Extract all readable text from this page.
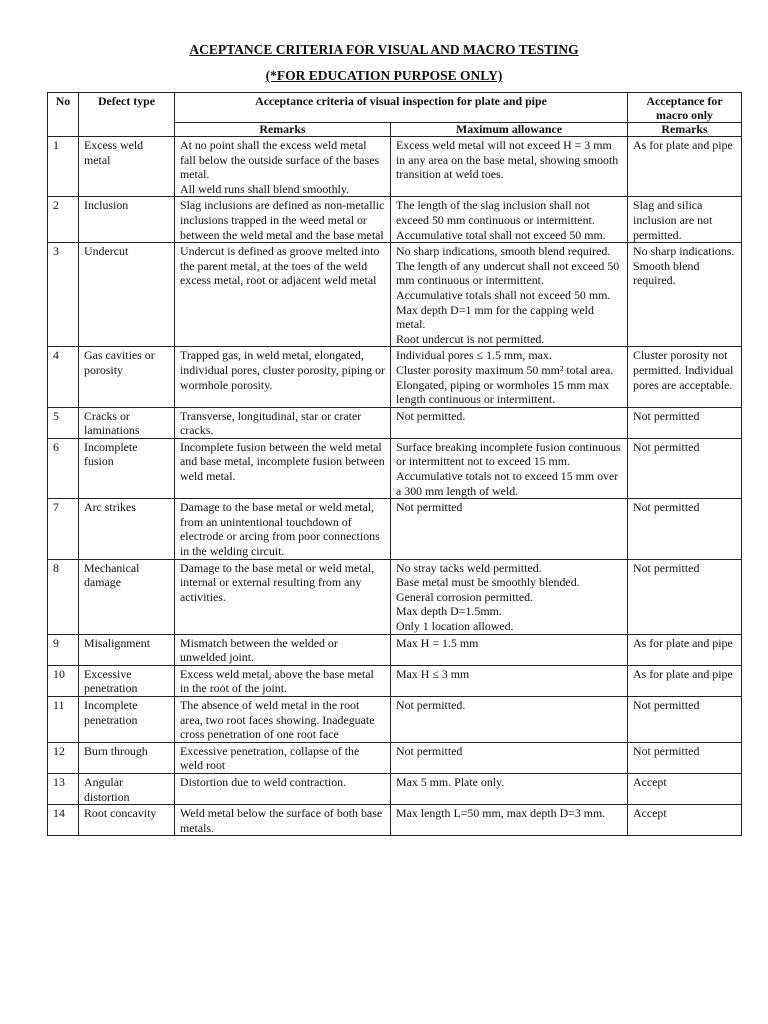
ACEPTANCE CRITERIA FOR VISUAL AND MACRO TESTING
(*FOR EDUCATION PURPOSE ONLY)
No	Defect type	Acceptance criteria of visual inspection for plate and pipe		Acceptance for macro only
		Remarks	Maximum allowance	Remarks
1	Excess weld metal	At no point shall the excess weld metal fall below the outside surface of the bases metal.
All weld runs shall blend smoothly.	Excess weld metal will not exceed H = 3 mm in any area on the base metal, showing smooth transition at weld toes.	As for plate and pipe
2	Inclusion	Slag inclusions are defined as non-metallic inclusions trapped in the weed metal or between the weld metal and the base metal	The length of the slag inclusion shall not exceed 50 mm continuous or intermittent.
Accumulative total shall not exceed 50 mm.	Slag and silica inclusion are not permitted.
3	Undercut	Undercut is defined as groove melted into the parent metal, at the toes of the weld excess metal, root or adjacent weld metal	No sharp indications, smooth blend required.
The length of any undercut shall not exceed 50 mm continuous or intermittent.
Accumulative totals shall not exceed 50 mm.
Max depth D=1 mm for the capping weld metal.
Root undercut is not permitted.	No sharp indications. Smooth blend required.
4	Gas cavities or porosity	Trapped gas, in weld metal, elongated, individual pores, cluster porosity, piping or wormhole porosity.	Individual pores ≤ 1.5 mm, max.
Cluster porosity maximum 50 mm² total area.
Elongated, piping or wormholes 15 mm max length continuous or intermittent.	Cluster porosity not permitted. Individual pores are acceptable.
5	Cracks or laminations	Transverse, longitudinal, star or crater cracks.	Not permitted.	Not permitted
6	Incomplete fusion	Incomplete fusion between the weld metal and base metal, incomplete fusion between weld metal.	Surface breaking incomplete fusion continuous or intermittent not to exceed 15 mm.
Accumulative totals not to exceed 15 mm over a 300 mm length of weld.	Not permitted
7	Arc strikes	Damage to the base metal or weld metal, from an unintentional touchdown of electrode or arcing from poor connections in the welding circuit.	Not permitted	Not permitted
8	Mechanical damage	Damage to the base metal or weld metal, internal or external resulting from any activities.	No stray tacks weld permitted.
Base metal must be smoothly blended.
General corrosion permitted.
Max depth D=1.5mm.
Only 1 location allowed.	Not permitted
9	Misalignment	Mismatch between the welded or unwelded joint.	Max H = 1.5 mm	As for plate and pipe
10	Excessive penetration	Excess weld metal, above the base metal in the root of the joint.	Max H ≤ 3 mm	As for plate and pipe
11	Incomplete penetration	The absence of weld metal in the root area, two root faces showing. Inadeguate cross penetration of one root face	Not permitted.	Not permitted
12	Burn through	Excessive penetration, collapse of the weld root	Not permitted	Not permitted
13	Angular distortion	Distortion due to weld contraction.	Max 5 mm. Plate only.	Accept
14	Root concavity	Weld metal below the surface of both base metals.	Max length L=50 mm, max depth D=3 mm.	Accept
